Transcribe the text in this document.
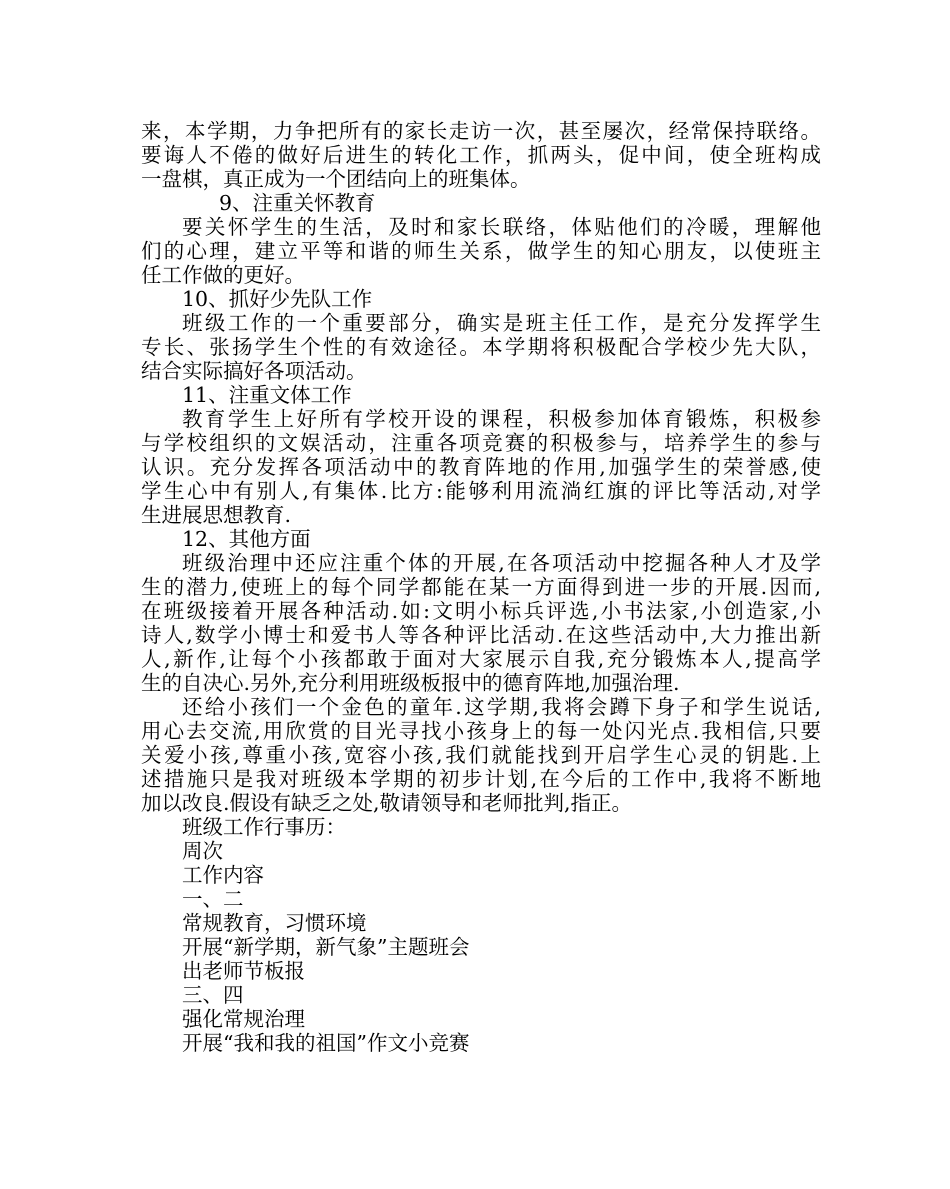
来，本学期，力争把所有的家长走访一次，甚至屡次，经常保持联络。
要诲人不倦的做好后进生的转化工作，抓两头，促中间，使全班构成
一盘棋，真正成为一个团结向上的班集体。
9、注重关怀教育
要关怀学生的生活，及时和家长联络，体贴他们的冷暖，理解他
们的心理，建立平等和谐的师生关系，做学生的知心朋友，以使班主
任工作做的更好。
10、抓好少先队工作
班级工作的一个重要部分，确实是班主任工作，是充分发挥学生
专长、张扬学生个性的有效途径。本学期将积极配合学校少先大队，
结合实际搞好各项活动。
11、注重文体工作
教育学生上好所有学校开设的课程，积极参加体育锻炼，积极参
与学校组织的文娱活动，注重各项竞赛的积极参与，培养学生的参与
认识。充分发挥各项活动中的教育阵地的作用,加强学生的荣誉感,使
学生心中有别人,有集体.比方:能够利用流淌红旗的评比等活动,对学
生进展思想教育.
12、其他方面
班级治理中还应注重个体的开展,在各项活动中挖掘各种人才及学
生的潜力,使班上的每个同学都能在某一方面得到进一步的开展.因而,
在班级接着开展各种活动.如:文明小标兵评选,小书法家,小创造家,小
诗人,数学小博士和爱书人等各种评比活动.在这些活动中,大力推出新
人,新作,让每个小孩都敢于面对大家展示自我,充分锻炼本人,提高学
生的自决心.另外,充分利用班级板报中的德育阵地,加强治理.
还给小孩们一个金色的童年.这学期,我将会蹲下身子和学生说话,
用心去交流,用欣赏的目光寻找小孩身上的每一处闪光点.我相信,只要
关爱小孩,尊重小孩,宽容小孩,我们就能找到开启学生心灵的钥匙.上
述措施只是我对班级本学期的初步计划,在今后的工作中,我将不断地
加以改良.假设有缺乏之处,敬请领导和老师批判,指正。
班级工作行事历：
周次
工作内容
一、二
常规教育，习惯环境
开展“新学期，新气象”主题班会
出老师节板报
三、四
强化常规治理
开展“我和我的祖国”作文小竞赛
